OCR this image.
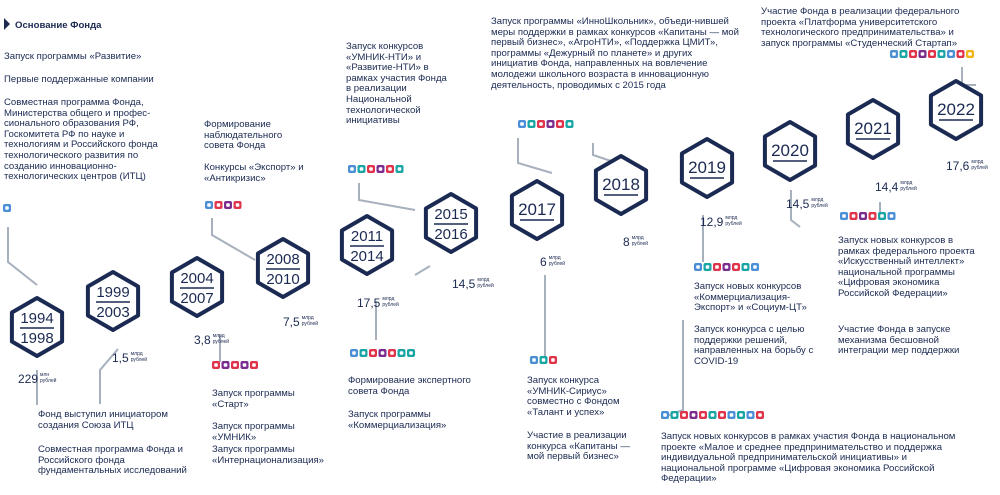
1994
1998
1999
2003
2004
2007
2008
2010
2011
2014
2015
2016
2017
2018
2019
2020
2021
2022
Основание Фонда
Запуск программы «Развитие»
Первые поддержанные компании
Совместная программа Фонда, Министерства общего и профес-сионального образования РФ, Госкомитета РФ по науке и технологиям и Российского фонда технологического развития по созданию инновационно-технологических центров (ИТЦ)
Фонд выступил инициатором создания Союза ИТЦ
Совместная программа Фонда и Российского фонда фундаментальных исследований
Формирование наблюдательного совета Фонда
Конкурсы «Экспорт» и «Антикризис»
Запуск программы «Старт»
Запуск программы «УМНИК»
Запуск программы «Интернационализация»
Запуск конкурсов «УМНИК-НТИ» и «Развитие-НТИ» в рамках участия Фонда в реализации Национальной технологической инициативы
Формирование экспертного совета Фонда
Запуск программы «Коммерциализация»
Запуск программы «ИнноШкольник», объеди-нившей меры поддержки в рамках конкурсов «Капитаны — мой первый бизнес», «АгроНТИ», «Поддержка ЦМИТ», программы «Дежурный по планете» и других инициатив Фонда, направленных на вовлечение молодежи школьного возраста в инновационную деятельность, проводимых с 2015 года
Запуск конкурса «УМНИК-Сириус» совместно с Фондом «Талант и успех»
Участие в реализации конкурса «Капитаны — мой первый бизнес»
Запуск новых конкурсов «Коммерциализация-Экспорт» и «Социум-ЦТ»
Запуск конкурса с целью поддержки решений, направленных на борьбу с COVID-19
Запуск новых конкурсов в рамках участия Фонда в национальном проекте «Малое и среднее предпринимательство и поддержка индивидуальной предпринимательской инициативы» и национальной программе «Цифровая экономика Российской Федерации»
Участие Фонда в реализации федерального проекта «Платформа университетского технологического предпринимательства» и запуск программы «Студенческий Стартап»
Запуск новых конкурсов в рамках федерального проекта «Искусственный интеллект» национальной программы «Цифровая экономика Российской Федерации»
Участие Фонда в запуске механизма бесшовной интеграции мер поддержки
229 млн
рублей
1,5 млрд
рублей
3,8 млрд
рублей
7,5 млрд
рублей
17,5 млрд
рублей
14,5 млрд
рублей
6 млрд
рублей
8 млрд
рублей
12,9 млрд
рублей
14,5 млрд
рублей
14,4 млрд
рублей
17,6 млрд
рублей
